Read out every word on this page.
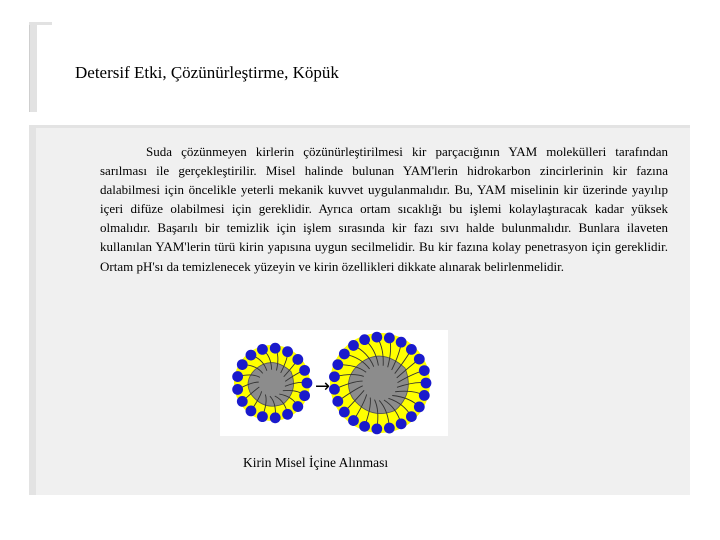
Detersif Etki, Çözünürleştirme, Köpük
Suda çözünmeyen kirlerin çözünürleştirilmesi kir parçacığının YAM molekülleri tarafından sarılması ile gerçekleştirilir. Misel halinde bulunan YAM'lerin hidrokarbon zincirlerinin kir fazına dalabilmesi için öncelikle yeterli mekanik kuvvet uygulanmalıdır. Bu, YAM miselinin kir üzerinde yayılıp içeri difüze olabilmesi için gereklidir. Ayrıca ortam sıcaklığı bu işlemi kolaylaştıracak kadar yüksek olmalıdır. Başarılı bir temizlik için işlem sırasında kir fazı sıvı halde bulunmalıdır. Bunlara ilaveten kullanılan YAM'lerin türü kirin yapısına uygun secilmelidir. Bu kir fazına kolay penetrasyon için gereklidir. Ortam pH'sı da temizlenecek yüzeyin ve kirin özellikleri dikkate alınarak belirlenmelidir.
→
Kirin Misel İçine Alınması
